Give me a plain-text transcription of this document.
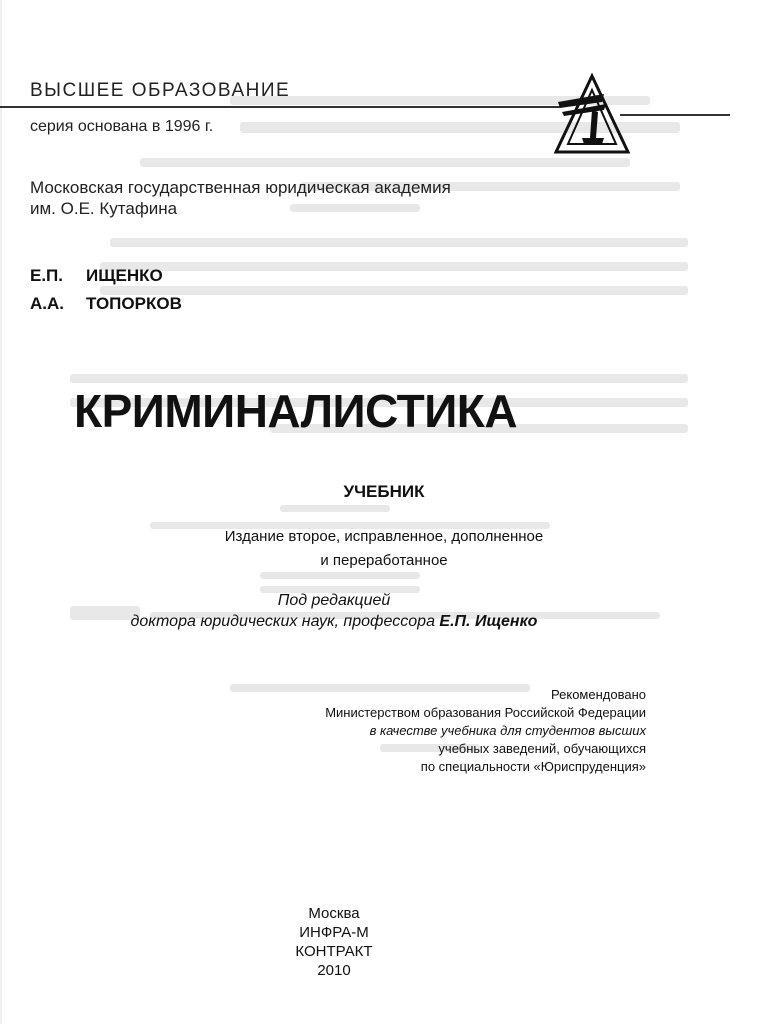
ВЫСШЕЕ ОБРАЗОВАНИЕ
серия основана в 1996 г.
Московская государственная юридическая академия
им. О.Е. Кутафина
Е.П. ИЩЕНКО
А.А. ТОПОРКОВ
КРИМИНАЛИСТИКА
УЧЕБНИК
Издание второе, исправленное, дополненное
и переработанное
Под редакцией
доктора юридических наук, профессора Е.П. Ищенко
Рекомендовано
Министерством образования Российской Федерации
в качестве учебника для студентов высших
учебных заведений, обучающихся
по специальности «Юриспруденция»
Москва
ИНФРА-М
КОНТРАКТ
2010
